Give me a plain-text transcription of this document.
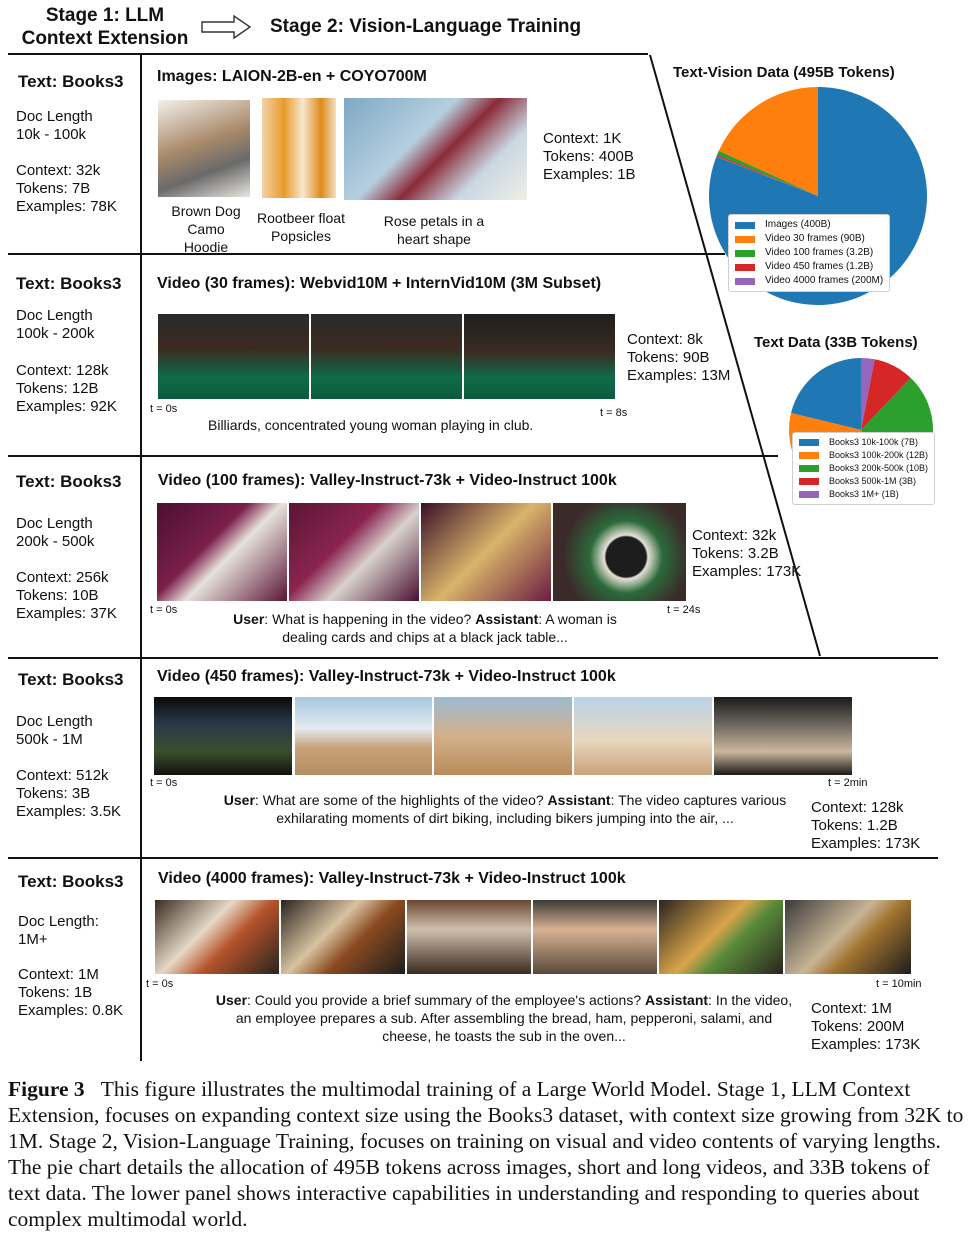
Stage 1: LLM
Context Extension
Stage 2: Vision-Language Training
Text: Books3
Doc Length
10k - 100k
Context: 32k
Tokens: 7B
Examples: 78K
Images: LAION-2B-en + COYO700M
Brown Dog
Camo
Hoodie
Rootbeer float
Popsicles
Rose petals in a
heart shape
Context: 1K
Tokens: 400B
Examples: 1B
Text: Books3
Doc Length
100k - 200k
Context: 128k
Tokens: 12B
Examples: 92K
Video (30 frames): Webvid10M + InternVid10M (3M Subset)
t = 0s	t = 8s
Billiards, concentrated young woman playing in club.
Context: 8k
Tokens: 90B
Examples: 13M
Text: Books3
Doc Length
200k - 500k
Context: 256k
Tokens: 10B
Examples: 37K
Video (100 frames): Valley-Instruct-73k + Video-Instruct 100k
t = 0s	t = 24s
User: What is happening in the video? Assistant: A woman is dealing cards and chips at a black jack table...
Context: 32k
Tokens: 3.2B
Examples: 173K
Text: Books3
Doc Length
500k - 1M
Context: 512k
Tokens: 3B
Examples: 3.5K
Video (450 frames): Valley-Instruct-73k + Video-Instruct 100k
t = 0s	t = 2min
User: What are some of the highlights of the video? Assistant: The video captures various exhilarating moments of dirt biking, including bikers jumping into the air, ...
Context: 128k
Tokens: 1.2B
Examples: 173K
Text: Books3
Doc Length:
1M+
Context: 1M
Tokens: 1B
Examples: 0.8K
Video (4000 frames): Valley-Instruct-73k + Video-Instruct 100k
t = 0s	t = 10min
User: Could you provide a brief summary of the employee's actions? Assistant: In the video, an employee prepares a sub. After assembling the bread, ham, pepperoni, salami, and cheese, he toasts the sub in the oven...
Context: 1M
Tokens: 200M
Examples: 173K
Text-Vision Data (495B Tokens)
Images (400B)
Video 30 frames (90B)
Video 100 frames (3.2B)
Video 450 frames (1.2B)
Video 4000 frames (200M)
Text Data (33B Tokens)
Books3 10k-100k (7B)
Books3 100k-200k (12B)
Books3 200k-500k (10B)
Books3 500k-1M (3B)
Books3 1M+ (1B)
Figure 3 This figure illustrates the multimodal training of a Large World Model. Stage 1, LLM Context Extension, focuses on expanding context size using the Books3 dataset, with context size growing from 32K to 1M. Stage 2, Vision-Language Training, focuses on training on visual and video contents of varying lengths. The pie chart details the allocation of 495B tokens across images, short and long videos, and 33B tokens of text data. The lower panel shows interactive capabilities in understanding and responding to queries about complex multimodal world.
